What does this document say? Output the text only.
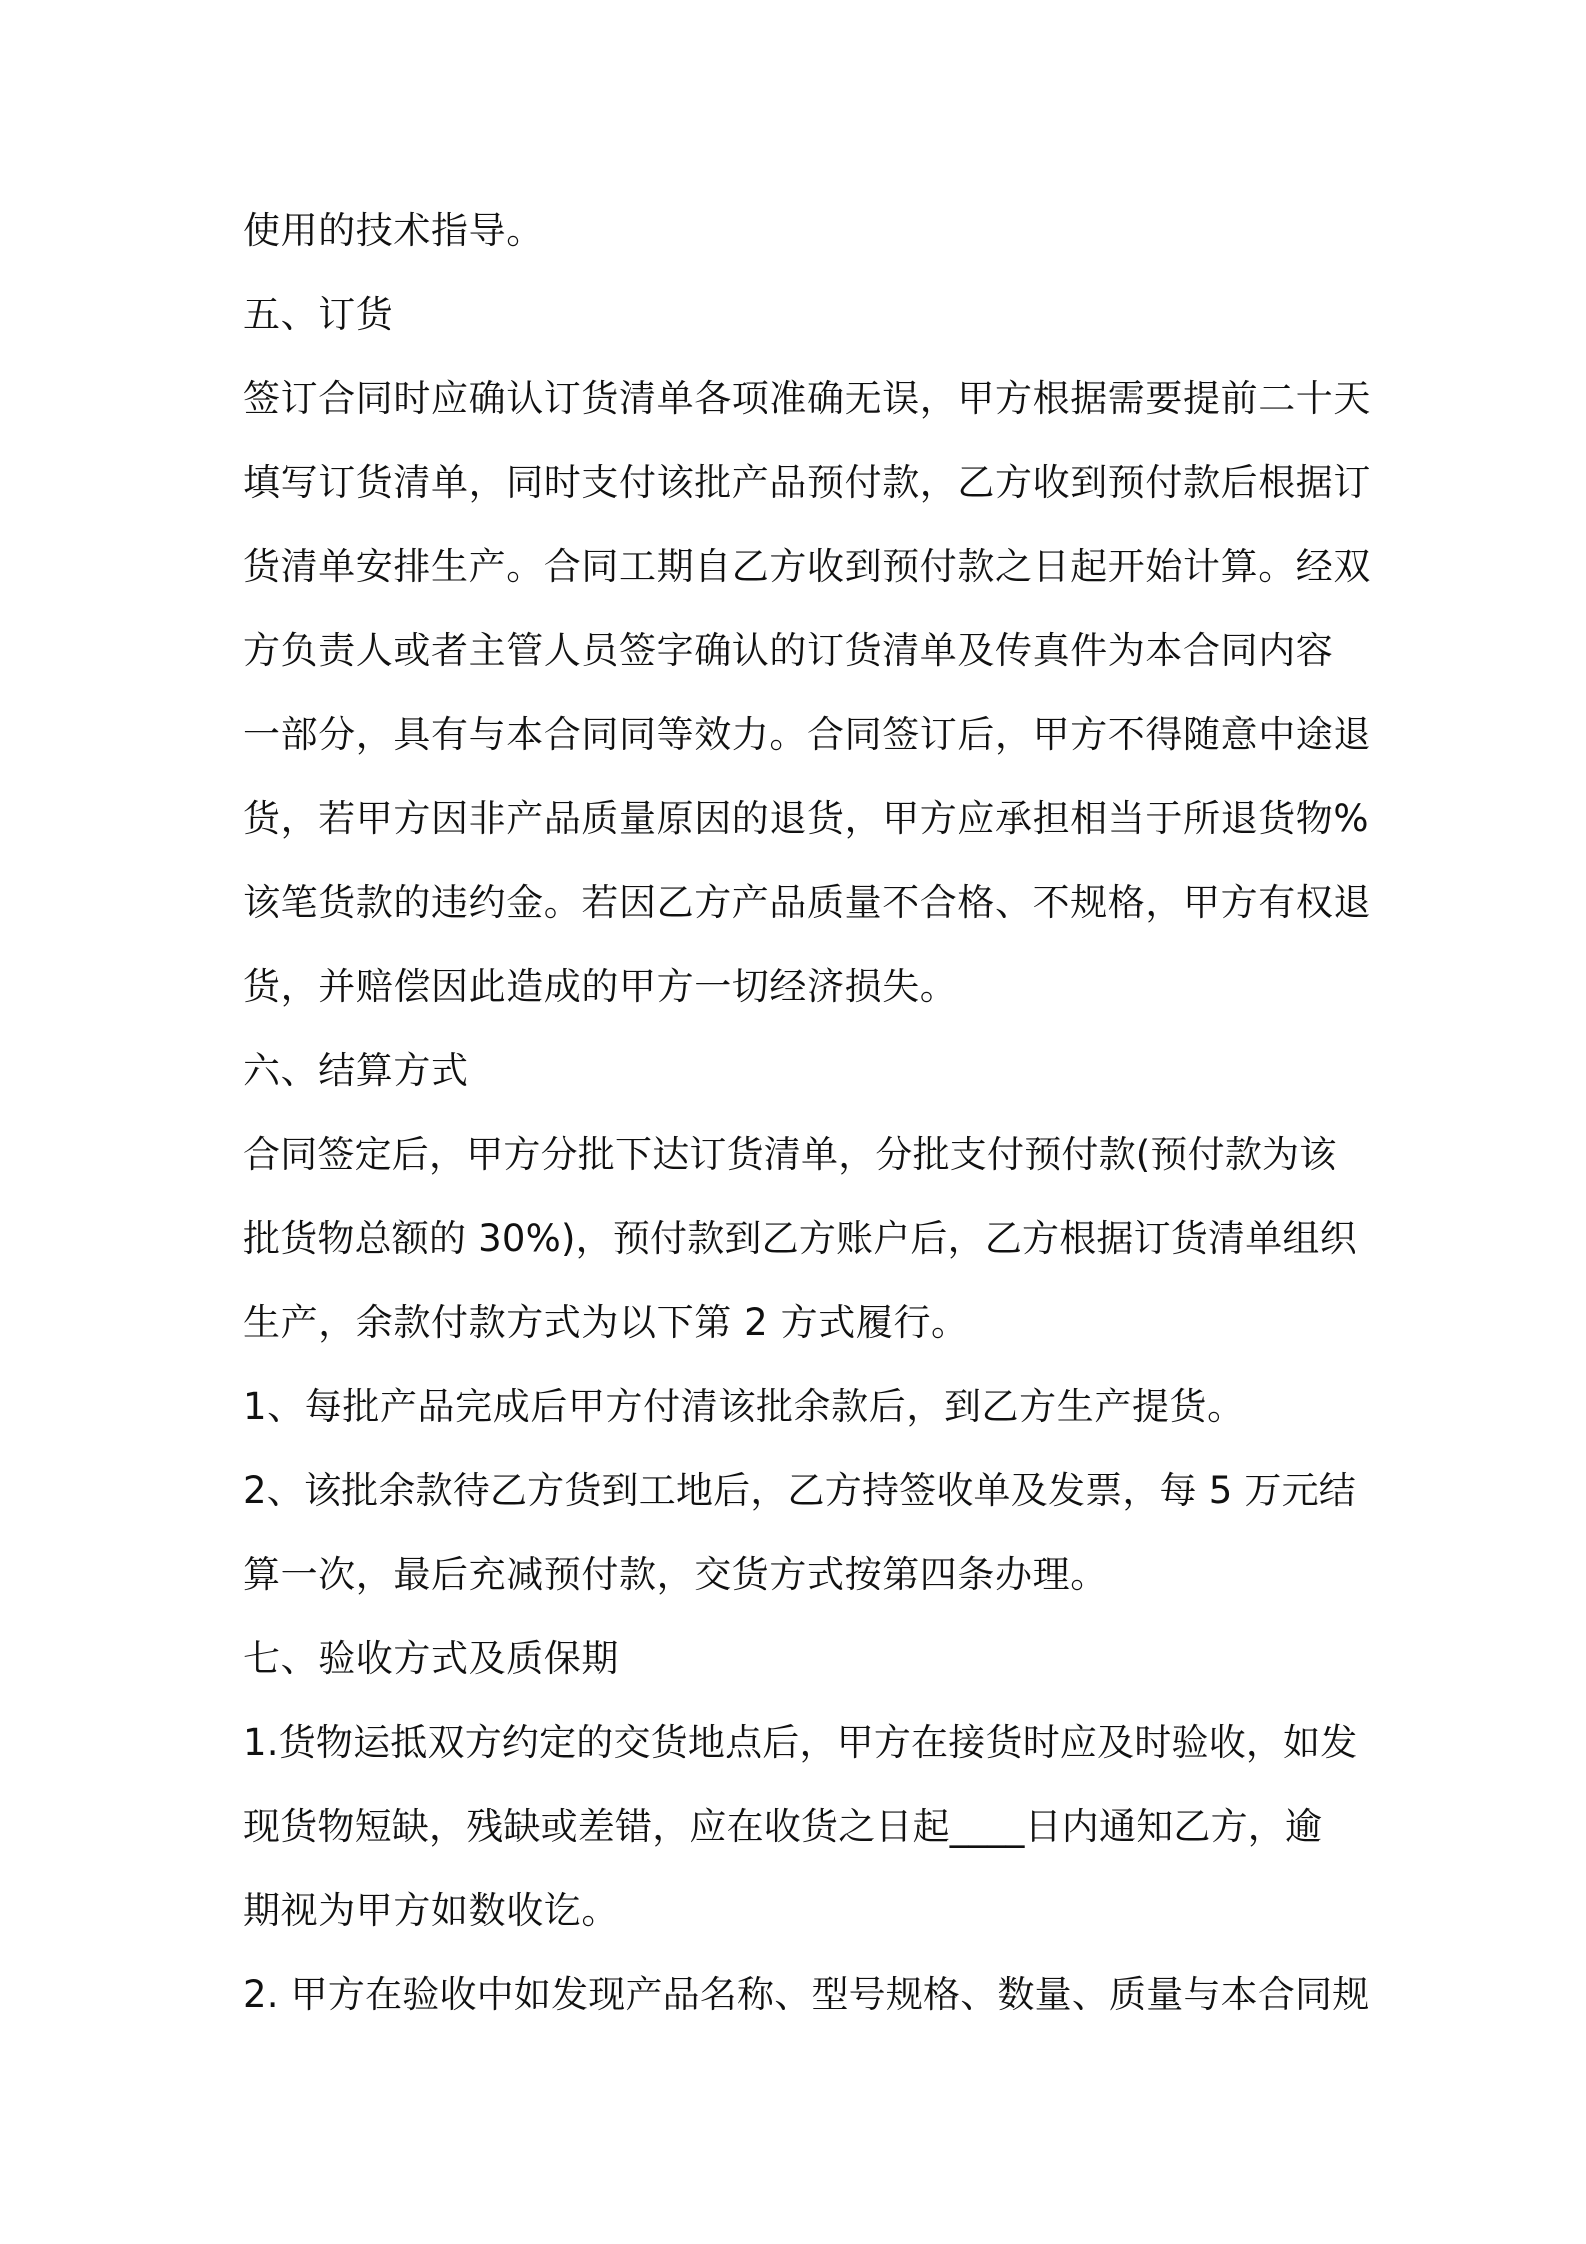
使用的技术指导。
五、订货
签订合同时应确认订货清单各项准确无误，甲方根据需要提前二十天
填写订货清单，同时支付该批产品预付款，乙方收到预付款后根据订
货清单安排生产。合同工期自乙方收到预付款之日起开始计算。经双
方负责人或者主管人员签字确认的订货清单及传真件为本合同内容
一部分，具有与本合同同等效力。合同签订后，甲方不得随意中途退
货，若甲方因非产品质量原因的退货，甲方应承担相当于所退货物%
该笔货款的违约金。若因乙方产品质量不合格、不规格，甲方有权退
货，并赔偿因此造成的甲方一切经济损失。
六、结算方式
合同签定后，甲方分批下达订货清单，分批支付预付款(预付款为该
批货物总额的 30%)，预付款到乙方账户后，乙方根据订货清单组织
生产，余款付款方式为以下第 2 方式履行。
1、每批产品完成后甲方付清该批余款后，到乙方生产提货。
2、该批余款待乙方货到工地后，乙方持签收单及发票，每 5 万元结
算一次，最后充减预付款，交货方式按第四条办理。
七、验收方式及质保期
1.货物运抵双方约定的交货地点后，甲方在接货时应及时验收，如发
现货物短缺，残缺或差错，应在收货之日起____日内通知乙方，逾
期视为甲方如数收讫。
2. 甲方在验收中如发现产品名称、型号规格、数量、质量与本合同规
